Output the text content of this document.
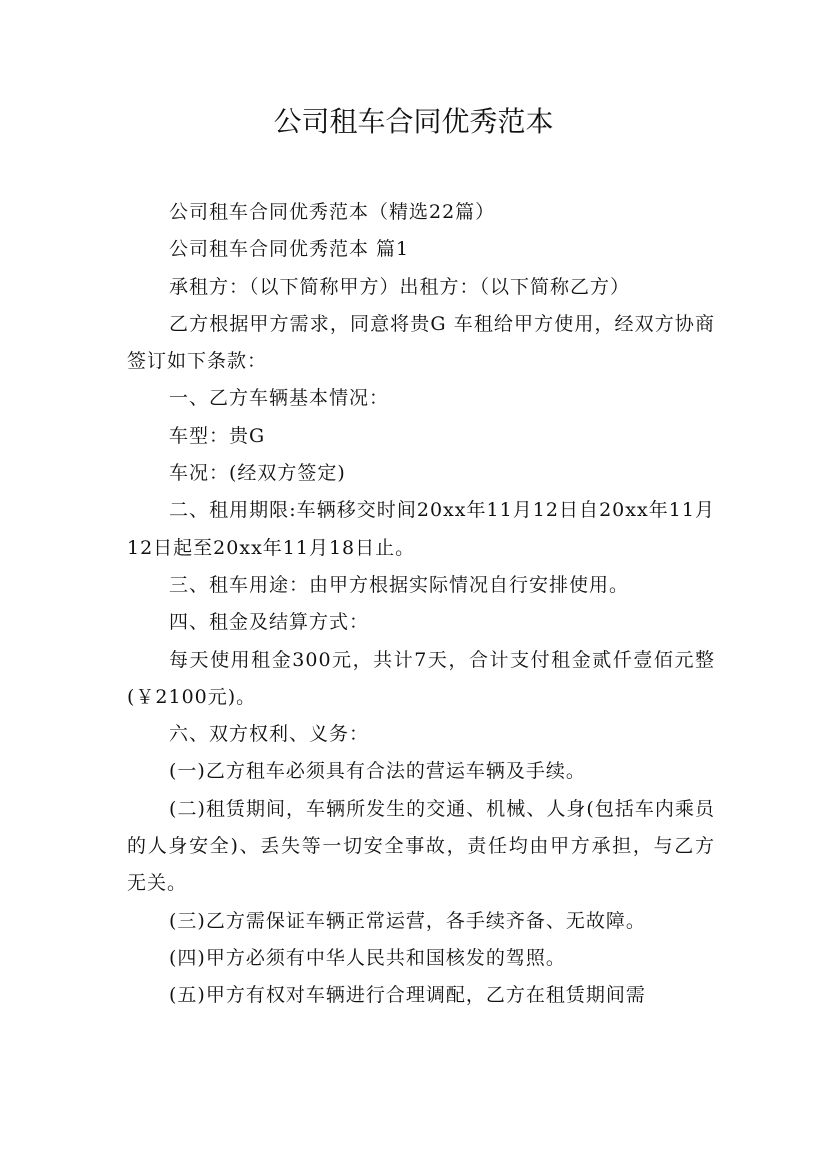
公司租车合同优秀范本

公司租车合同优秀范本（精选22篇）

公司租车合同优秀范本 篇1

承租方：（以下简称甲方）出租方：（以下简称乙方）

乙方根据甲方需求，同意将贵G 车租给甲方使用，经双方协商签订如下条款：

一、乙方车辆基本情况：

车型：贵G

车况：(经双方签定)

二、租用期限:车辆移交时间20xx年11月12日自20xx年11月12日起至20xx年11月18日止。

三、租车用途：由甲方根据实际情况自行安排使用。

四、租金及结算方式：

每天使用租金300元，共计7天，合计支付租金贰仟壹佰元整(￥2100元)。

六、双方权利、义务：

(一)乙方租车必须具有合法的营运车辆及手续。

(二)租赁期间，车辆所发生的交通、机械、人身(包括车内乘员的人身安全)、丢失等一切安全事故，责任均由甲方承担，与乙方无关。

(三)乙方需保证车辆正常运营，各手续齐备、无故障。

(四)甲方必须有中华人民共和国核发的驾照。

(五)甲方有权对车辆进行合理调配，乙方在租赁期间需
